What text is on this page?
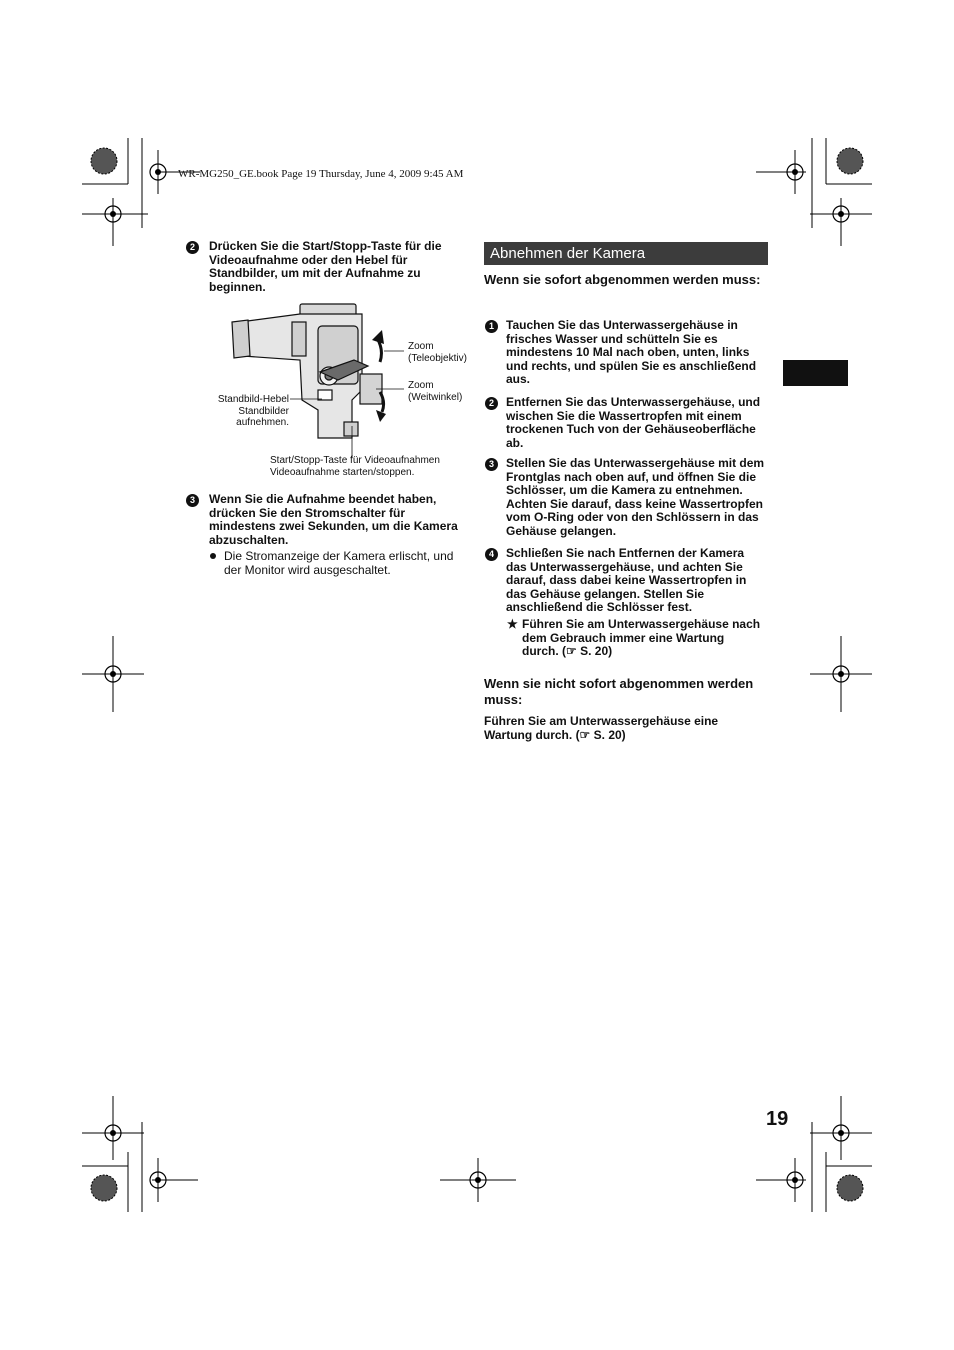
WR-MG250_GE.book Page 19 Thursday, June 4, 2009 9:45 AM
2	Drücken Sie die Start/Stopp-Taste für die Videoaufnahme oder den Hebel für Standbilder, um mit der Aufnahme zu beginnen.
Zoom
(Teleobjektiv)
Zoom
(Weitwinkel)
Standbild-Hebel
Standbilder
aufnehmen.
Start/Stopp-Taste für Videoaufnahmen
Videoaufnahme starten/stoppen.
3	Wenn Sie die Aufnahme beendet haben, drücken Sie den Stromschalter für mindestens zwei Sekunden, um die Kamera abzuschalten.
Die Stromanzeige der Kamera erlischt, und der Monitor wird ausgeschaltet.
Abnehmen der Kamera
Wenn sie sofort abgenommen werden muss:
1	Tauchen Sie das Unterwassergehäuse in frisches Wasser und schütteln Sie es mindestens 10 Mal nach oben, unten, links und rechts, und spülen Sie es anschließend aus.
2	Entfernen Sie das Unterwassergehäuse, und wischen Sie die Wassertropfen mit einem trockenen Tuch von der Gehäuseoberfläche ab.
3	Stellen Sie das Unterwassergehäuse mit dem Frontglas nach oben auf, und öffnen Sie die Schlösser, um die Kamera zu entnehmen. Achten Sie darauf, dass keine Wassertropfen vom O-Ring oder von den Schlössern in das Gehäuse gelangen.
4	Schließen Sie nach Entfernen der Kamera das Unterwassergehäuse, und achten Sie darauf, dass dabei keine Wassertropfen in das Gehäuse gelangen. Stellen Sie anschließend die Schlösser fest.
★ Führen Sie am Unterwassergehäuse nach dem Gebrauch immer eine Wartung durch. (☞ S. 20)
Wenn sie nicht sofort abgenommen werden muss:
Führen Sie am Unterwassergehäuse eine Wartung durch. (☞ S. 20)
19
